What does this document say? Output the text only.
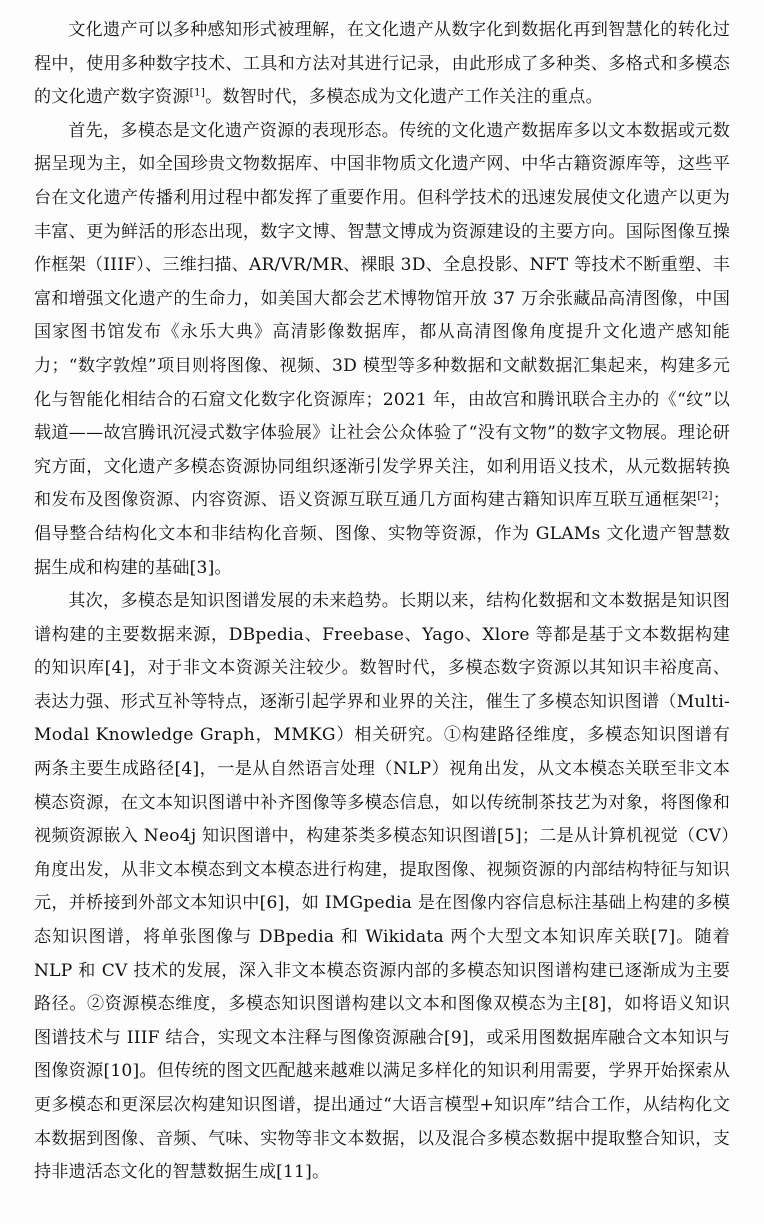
文化遗产可以多种感知形式被理解，在文化遗产从数字化到数据化再到智慧化的转化过程中，使用多种数字技术、工具和方法对其进行记录，由此形成了多种类、多格式和多模态的文化遗产数字资源[1]。数智时代，多模态成为文化遗产工作关注的重点。

首先，多模态是文化遗产资源的表现形态。传统的文化遗产数据库多以文本数据或元数据呈现为主，如全国珍贵文物数据库、中国非物质文化遗产网、中华古籍资源库等，这些平台在文化遗产传播利用过程中都发挥了重要作用。但科学技术的迅速发展使文化遗产以更为丰富、更为鲜活的形态出现，数字文博、智慧文博成为资源建设的主要方向。国际图像互操作框架（IIIF）、三维扫描、AR/VR/MR、裸眼 3D、全息投影、NFT 等技术不断重塑、丰富和增强文化遗产的生命力，如美国大都会艺术博物馆开放 37 万余张藏品高清图像，中国国家图书馆发布《永乐大典》高清影像数据库，都从高清图像角度提升文化遗产感知能力；“数字敦煌”项目则将图像、视频、3D 模型等多种数据和文献数据汇集起来，构建多元化与智能化相结合的石窟文化数字化资源库；2021 年，由故宫和腾讯联合主办的《“纹”以载道——故宫腾讯沉浸式数字体验展》让社会公众体验了“没有文物”的数字文物展。理论研究方面，文化遗产多模态资源协同组织逐渐引发学界关注，如利用语义技术，从元数据转换和发布及图像资源、内容资源、语义资源互联互通几方面构建古籍知识库互联互通框架[2]；倡导整合结构化文本和非结构化音频、图像、实物等资源，作为 GLAMs 文化遗产智慧数据生成和构建的基础[3]。

其次，多模态是知识图谱发展的未来趋势。长期以来，结构化数据和文本数据是知识图谱构建的主要数据来源，DBpedia、Freebase、Yago、Xlore 等都是基于文本数据构建的知识库[4]，对于非文本资源关注较少。数智时代，多模态数字资源以其知识丰裕度高、表达力强、形式互补等特点，逐渐引起学界和业界的关注，催生了多模态知识图谱（Multi-Modal Knowledge Graph，MMKG）相关研究。①构建路径维度，多模态知识图谱有两条主要生成路径[4]，一是从自然语言处理（NLP）视角出发，从文本模态关联至非文本模态资源，在文本知识图谱中补齐图像等多模态信息，如以传统制茶技艺为对象，将图像和视频资源嵌入 Neo4j 知识图谱中，构建茶类多模态知识图谱[5]；二是从计算机视觉（CV）角度出发，从非文本模态到文本模态进行构建，提取图像、视频资源的内部结构特征与知识元，并桥接到外部文本知识中[6]，如 IMGpedia 是在图像内容信息标注基础上构建的多模态知识图谱，将单张图像与 DBpedia 和 Wikidata 两个大型文本知识库关联[7]。随着 NLP 和 CV 技术的发展，深入非文本模态资源内部的多模态知识图谱构建已逐渐成为主要路径。②资源模态维度，多模态知识图谱构建以文本和图像双模态为主[8]，如将语义知识图谱技术与 IIIF 结合，实现文本注释与图像资源融合[9]，或采用图数据库融合文本知识与图像资源[10]。但传统的图文匹配越来越难以满足多样化的知识利用需要，学界开始探索从更多模态和更深层次构建知识图谱，提出通过“大语言模型+知识库”结合工作，从结构化文本数据到图像、音频、气味、实物等非文本数据，以及混合多模态数据中提取整合知识，支持非遗活态文化的智慧数据生成[11]。
